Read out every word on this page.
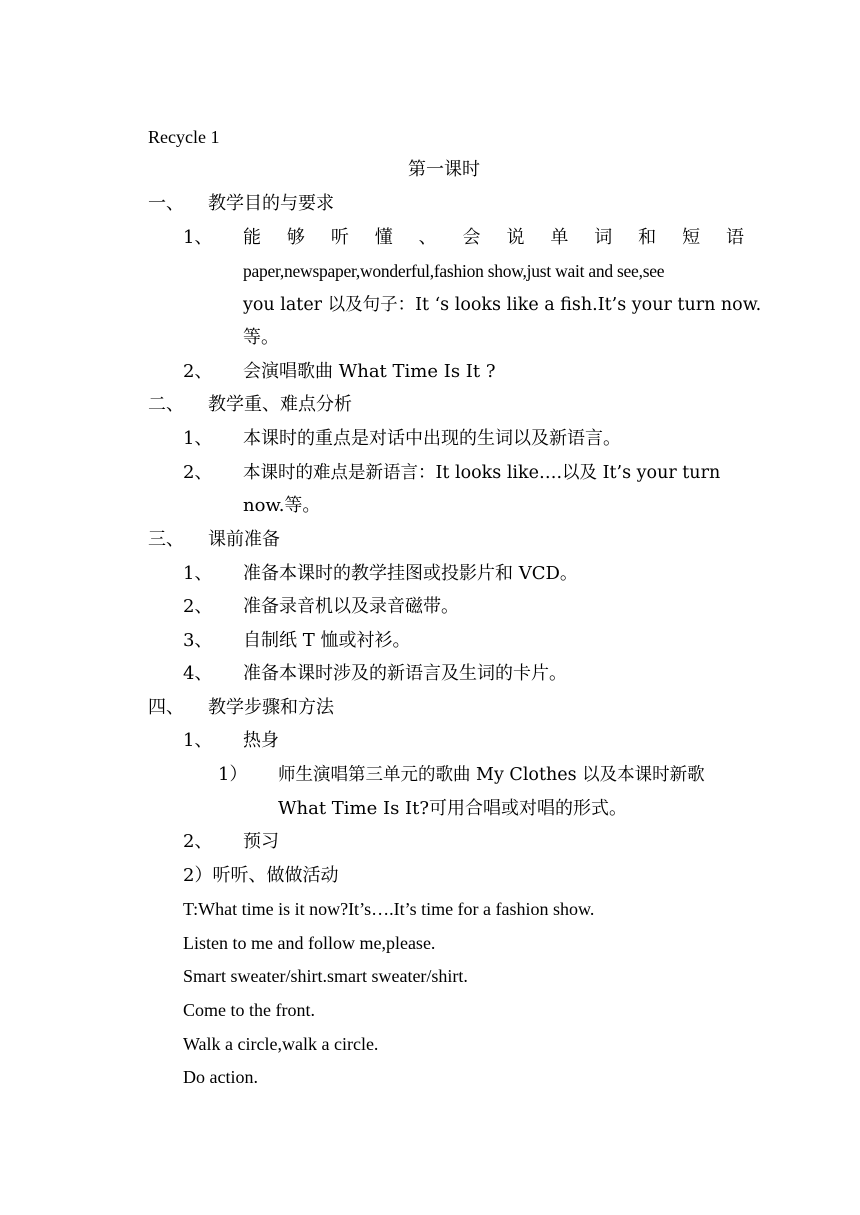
Recycle 1
第一课时
一、 教学目的与要求
1、 能 够 听 懂 、 会 说 单 词 和 短 语
paper,newspaper,wonderful,fashion show,just wait and see,see
you later 以及句子：It ‘s looks like a fish.It’s your turn now.
等。
2、 会演唱歌曲 What Time Is It ?
二、 教学重、难点分析
1、 本课时的重点是对话中出现的生词以及新语言。
2、 本课时的难点是新语言：It looks like….以及 It’s your turn
now.等。
三、 课前准备
1、 准备本课时的教学挂图或投影片和 VCD。
2、 准备录音机以及录音磁带。
3、 自制纸 T 恤或衬衫。
4、 准备本课时涉及的新语言及生词的卡片。
四、 教学步骤和方法
1、 热身
1） 师生演唱第三单元的歌曲 My Clothes 以及本课时新歌
What Time Is It?可用合唱或对唱的形式。
2、 预习
2）听听、做做活动
T:What time is it now?It’s….It’s time for a fashion show.
Listen to me and follow me,please.
Smart sweater/shirt.smart sweater/shirt.
Come to the front.
Walk a circle,walk a circle.
Do action.
